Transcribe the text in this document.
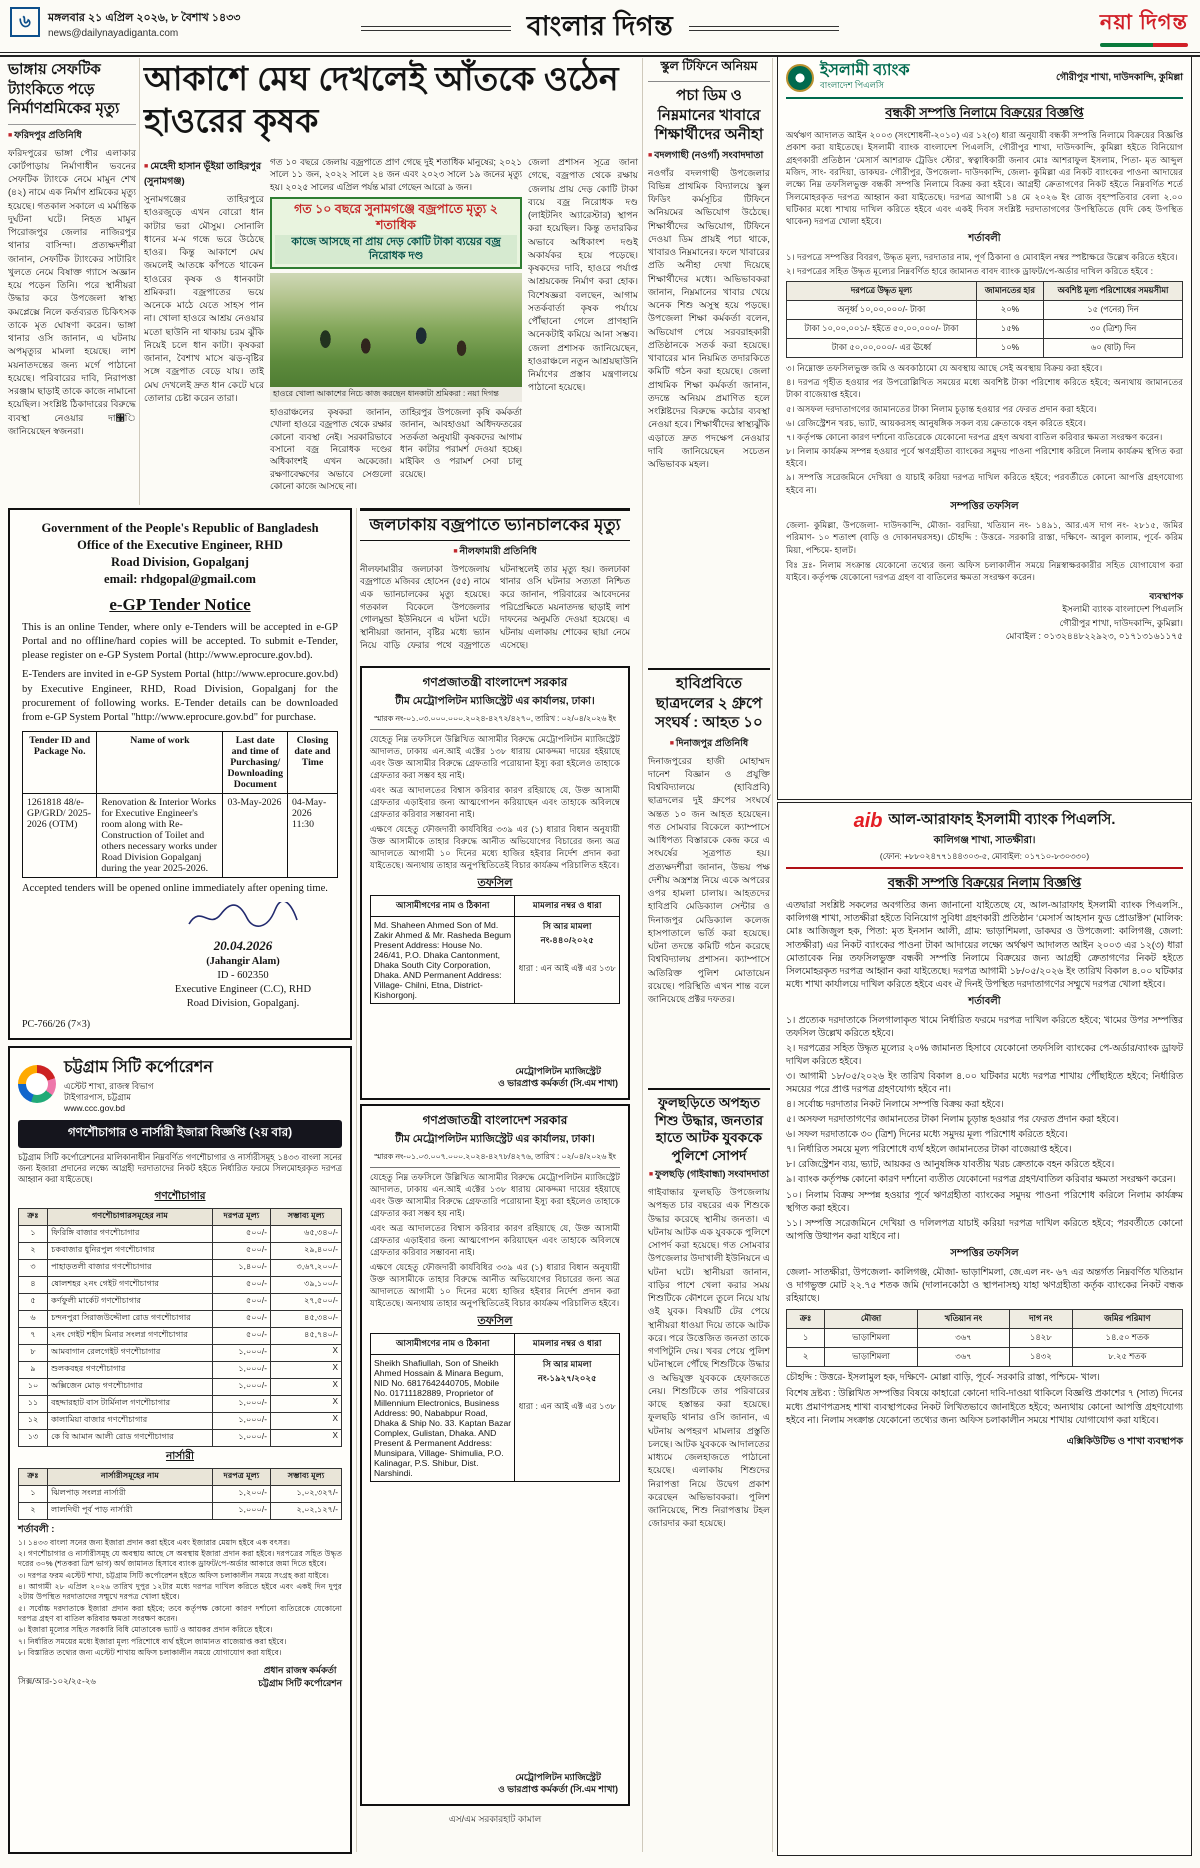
৬ মঙ্গলবার ২১ এপ্রিল ২০২৬, ৮ বৈশাখ ১৪৩৩
news@dailynayadiganta.com	বাংলার দিগন্ত	নয়া দিগন্ত
ভাঙ্গায় সেফটিক ট্যাংকিতে পড়ে নির্মাণশ্রমিকের মৃত্যু
■ ফরিদপুর প্রতিনিধি
ফরিদপুরের ভাঙ্গা পৌর এলাকার কোর্টপাড়ায় নির্মাণাধীন ভবনের সেফটিক ট্যাংকে নেমে মামুন শেখ (৪২) নামে এক নির্মাণ শ্রমিকের মৃত্যু হয়েছে। গতকাল সকালে এ মর্মান্তিক দুর্ঘটনা ঘটে। নিহত মামুন পিরোজপুর জেলার নাজিরপুর থানার বাসিন্দা। প্রত্যক্ষদর্শীরা জানান, সেফটিক ট্যাংকের সাটারিং খুলতে নেমে বিষাক্ত গ্যাসে অজ্ঞান হয়ে পড়েন তিনি। পরে স্থানীয়রা উদ্ধার করে উপজেলা স্বাস্থ্য কমপ্লেক্সে নিলে কর্তব্যরত চিকিৎসক তাকে মৃত ঘোষণা করেন। ভাঙ্গা থানার ওসি জানান, এ ঘটনায় অপমৃত্যুর মামলা হয়েছে। লাশ ময়নাতদন্তের জন্য মর্গে পাঠানো হয়েছে। পরিবারের দাবি, নিরাপত্তা সরঞ্জাম ছাড়াই তাকে কাজে নামানো হয়েছিল। সংশ্লিষ্ট ঠিকাদারের বিরুদ্ধে ব্যবস্থা নেওয়ার দা঱ি জানিয়েছেন স্বজনরা।
আকাশে মেঘ দেখলেই আঁতকে ওঠেন হাওরের কৃষক
■ মেহেদী হাসান ভূঁইয়া তাহিরপুর (সুনামগঞ্জ)
সুনামগঞ্জের তাহিরপুরে হাওরজুড়ে এখন বোরো ধান কাটার ভরা মৌসুম। সোনালি ধানের ম-ম গন্ধে ভরে উঠেছে হাওর। কিন্তু আকাশে মেঘ জমলেই আতঙ্কে কাঁপতে থাকেন হাওরের কৃষক ও ধানকাটা শ্রমিকরা। বজ্রপাতের ভয়ে অনেকে মাঠে যেতে সাহস পান না। খোলা হাওরে আশ্রয় নেওয়ার মতো ছাউনি না থাকায় চরম ঝুঁকি নিয়েই চলে ধান কাটা। কৃষকরা জানান, বৈশাখ মাসে ঝড়-বৃষ্টির সঙ্গে বজ্রপাত বেড়ে যায়। তাই মেঘ দেখলেই দ্রুত ধান কেটে ঘরে তোলার চেষ্টা করেন তারা।
গত ১০ বছরে জেলায় বজ্রপাতে প্রাণ গেছে দুই শতাধিক মানুষের; ২০২১ সালে ১১ জন, ২০২২ সালে ২৪ জন এবং ২০২৩ সালে ১৯ জনের মৃত্যু হয়। ২০২৫ সালের এপ্রিল পর্যন্ত মারা গেছেন আরো ৯ জন।
গত ১০ বছরে সুনামগঞ্জে বজ্রপাতে মৃত্যু ২ শতাধিক
কাজে আসছে না প্রায় দেড় কোটি টাকা ব্যয়ের বজ্র নিরোধক দণ্ড
হাওরে খোলা আকাশের নিচে কাজ করছেন ধানকাটা শ্রমিকরা : নয়া দিগন্ত
হাওরাঞ্চলের কৃষকরা জানান, খোলা হাওরে বজ্রপাত থেকে রক্ষার কোনো ব্যবস্থা নেই। সরকারিভাবে বসানো বজ্র নিরোধক দণ্ডের অধিকাংশই এখন অকেজো। রক্ষণাবেক্ষণের অভাবে সেগুলো কোনো কাজে আসছে না।
তাহিরপুর উপজেলা কৃষি কর্মকর্তা জানান, আবহাওয়া অধিদফতরের সতর্কতা অনুযায়ী কৃষকদের আগাম ধান কাটার পরামর্শ দেওয়া হচ্ছে। মাইকিং ও পরামর্শ সেবা চালু রয়েছে।
জেলা প্রশাসন সূত্রে জানা গেছে, বজ্রপাত থেকে রক্ষায় জেলায় প্রায় দেড় কোটি টাকা ব্যয়ে বজ্র নিরোধক দণ্ড (লাইটনিং অ্যারেস্টার) স্থাপন করা হয়েছিল। কিন্তু তদারকির অভাবে অধিকাংশ দণ্ডই অকার্যকর হয়ে পড়েছে। কৃষকদের দাবি, হাওরে পর্যাপ্ত আশ্রয়কেন্দ্র নির্মাণ করা হোক। বিশেষজ্ঞরা বলছেন, আগাম সতর্কবার্তা কৃষক পর্যায়ে পৌঁছানো গেলে প্রাণহানি অনেকটাই কমিয়ে আনা সম্ভব। জেলা প্রশাসক জানিয়েছেন, হাওরাঞ্চলে নতুন আশ্রয়ছাউনি নির্মাণের প্রস্তাব মন্ত্রণালয়ে পাঠানো হয়েছে।
স্কুল টিফিনে অনিয়ম
পচা ডিম ও নিম্নমানের খাবারে শিক্ষার্থীদের অনীহা
■ বদলগাছী (নওগাঁ) সংবাদদাতা
নওগাঁর বদলগাছী উপজেলার বিভিন্ন প্রাথমিক বিদ্যালয়ে স্কুল ফিডিং কর্মসূচির টিফিনে অনিয়মের অভিযোগ উঠেছে। শিক্ষার্থীদের অভিযোগ, টিফিনে দেওয়া ডিম প্রায়ই পচা থাকে, খাবারও নিম্নমানের। ফলে খাবারের প্রতি অনীহা দেখা দিয়েছে শিক্ষার্থীদের মধ্যে। অভিভাবকরা জানান, নিম্নমানের খাবার খেয়ে অনেক শিশু অসুস্থ হয়ে পড়ছে। উপজেলা শিক্ষা কর্মকর্তা বলেন, অভিযোগ পেয়ে সরবরাহকারী প্রতিষ্ঠানকে সতর্ক করা হয়েছে। খাবারের মান নিয়মিত তদারকিতে কমিটি গঠন করা হয়েছে। জেলা প্রাথমিক শিক্ষা কর্মকর্তা জানান, তদন্তে অনিয়ম প্রমাণিত হলে সংশ্লিষ্টদের বিরুদ্ধে কঠোর ব্যবস্থা নেওয়া হবে। শিক্ষার্থীদের স্বাস্থ্যঝুঁকি এড়াতে দ্রুত পদক্ষেপ নেওয়ার দাবি জানিয়েছেন সচেতন অভিভাবক মহল।
ইসলামী ব্যাংক
বাংলাদেশ পিএলসি
গৌরীপুর শাখা, দাউদকান্দি, কুমিল্লা
বন্ধকী সম্পত্তি নিলামে বিক্রয়ের বিজ্ঞপ্তি
অর্থঋণ আদালত আইন ২০০৩ (সংশোধনী-২০১০) এর ১২(৩) ধারা অনুযায়ী বন্ধকী সম্পত্তি নিলামে বিক্রয়ের বিজ্ঞপ্তি প্রকাশ করা যাইতেছে। ইসলামী ব্যাংক বাংলাদেশ পিএলসি, গৌরীপুর শাখা, দাউদকান্দি, কুমিল্লা হইতে বিনিয়োগ গ্রহণকারী প্রতিষ্ঠান ‘মেসার্স আশরাফ ট্রেডিং স্টোর’, স্বত্বাধিকারী জনাব মোঃ আশরাফুল ইসলাম, পিতা- মৃত আব্দুল মজিদ, সাং- বরদিয়া, ডাকঘর- গৌরীপুর, উপজেলা- দাউদকান্দি, জেলা- কুমিল্লা এর নিকট ব্যাংকের পাওনা আদায়ের লক্ষ্যে নিম্ন তফসিলভুক্ত বন্ধকী সম্পত্তি নিলামে বিক্রয় করা হইবে। আগ্রহী ক্রেতাগণের নিকট হইতে নিম্নবর্ণিত শর্তে সিলমোহরকৃত দরপত্র আহ্বান করা যাইতেছে। দরপত্র আগামী ১৪ মে ২০২৬ ইং রোজ বৃহস্পতিবার বেলা ২.০০ ঘটিকার মধ্যে শাখায় দাখিল করিতে হইবে এবং একই দিবস সংশ্লিষ্ট দরদাতাগণের উপস্থিতিতে (যদি কেহ উপস্থিত থাকেন) দরপত্র খোলা হইবে।
শর্তাবলী

১। দরপত্রে সম্পত্তির বিবরণ, উদ্ধৃত মূল্য, দরদাতার নাম, পূর্ণ ঠিকানা ও মোবাইল নম্বর স্পষ্টাক্ষরে উল্লেখ করিতে হইবে।

২। দরপত্রের সহিত উদ্ধৃত মূল্যের নিম্নবর্ণিত হারে জামানত বাবদ ব্যাংক ড্রাফট/পে-অর্ডার দাখিল করিতে হইবে :

দরপত্রে উদ্ধৃত মূল্য	জামানতের হার	অবশিষ্ট মূল্য পরিশোধের সময়সীমা
অনূর্ধ্ব ১০,০০,০০০/- টাকা	২০%	১৫ (পনের) দিন
টাকা ১০,০০,০০১/- হইতে ৫০,০০,০০০/- টাকা	১৫%	৩০ (ত্রিশ) দিন
টাকা ৫০,০০,০০০/- এর ঊর্ধ্বে	১০%	৬০ (ষাট) দিন

৩। নিম্নোক্ত তফসিলভুক্ত জমি ও অবকাঠামো যে অবস্থায় আছে সেই অবস্থায় বিক্রয় করা হইবে।

৪। দরপত্র গৃহীত হওয়ার পর উপরোল্লিখিত সময়ের মধ্যে অবশিষ্ট টাকা পরিশোধ করিতে হইবে; অন্যথায় জামানতের টাকা বাজেয়াপ্ত হইবে।

৫। অসফল দরদাতাগণের জামানতের টাকা নিলাম চূড়ান্ত হওয়ার পর ফেরত প্রদান করা হইবে।

৬। রেজিস্ট্রেশন খরচ, ভ্যাট, আয়করসহ আনুষঙ্গিক সকল ব্যয় ক্রেতাকে বহন করিতে হইবে।

৭। কর্তৃপক্ষ কোনো কারণ দর্শানো ব্যতিরেকে যেকোনো দরপত্র গ্রহণ অথবা বাতিল করিবার ক্ষমতা সংরক্ষণ করেন।

৮। নিলাম কার্যক্রম সম্পন্ন হওয়ার পূর্বে ঋণগ্রহীতা ব্যাংকের সমুদয় পাওনা পরিশোধ করিলে নিলাম কার্যক্রম স্থগিত করা হইবে।

৯। সম্পত্তি সরেজমিনে দেখিয়া ও যাচাই করিয়া দরপত্র দাখিল করিতে হইবে; পরবর্তীতে কোনো আপত্তি গ্রহণযোগ্য হইবে না।

সম্পত্তির তফসিল
জেলা- কুমিল্লা, উপজেলা- দাউদকান্দি, মৌজা- বরদিয়া, খতিয়ান নং- ১৪৯১, আর.এস দাগ নং- ২৮১৫, জমির পরিমাণ- ১০ শতাংশ (বাড়ি ও দোকানঘরসহ)। চৌহদ্দি : উত্তরে- সরকারি রাস্তা, দক্ষিণে- আবুল কালাম, পূর্বে- করিম মিয়া, পশ্চিমে- হালট।
বিঃ দ্রঃ- নিলাম সংক্রান্ত যেকোনো তথ্যের জন্য অফিস চলাকালীন সময়ে নিম্নস্বাক্ষরকারীর সহিত যোগাযোগ করা যাইবে। কর্তৃপক্ষ যেকোনো দরপত্র গ্রহণ বা বাতিলের ক্ষমতা সংরক্ষণ করেন।
ব্যবস্থাপক
ইসলামী ব্যাংক বাংলাদেশ পিএলসি
গৌরীপুর শাখা, দাউদকান্দি, কুমিল্লা।
মোবাইল : ০১৩২৪৪৮২২৯২৩, ০১৭১৩১৬১১৭৫
Government of the People's Republic of Bangladesh
Office of the Executive Engineer, RHD
Road Division, Gopalganj
email: rhdgopal@gmail.com
e-GP Tender Notice

This is an online Tender, where only e-Tenders will be accepted in e-GP Portal and no offline/hard copies will be accepted. To submit e-Tender, please register on e-GP System Portal (http://www.eprocure.gov.bd).

E-Tenders are invited in e-GP System Portal (http://www.eprocure.gov.bd) by Executive Engineer, RHD, Road Division, Gopalganj for the procurement of following works. E-Tender details can be downloaded from e-GP System Portal "http://www.eprocure.gov.bd" for purchase.

Tender ID and Package No.	Name of work	Last date and time of Purchasing/ Downloading Document	Closing date and Time
1261818 48/e-GP/GRD/ 2025-2026 (OTM)	Renovation & Interior Works for Executive Engineer's room along with Re-Construction of Toilet and others necessary works under Road Division Gopalganj during the year 2025-2026.	03-May-2026	04-May-2026 11:30

Accepted tenders will be opened online immediately after opening time.

20.04.2026
(Jahangir Alam)
ID - 602350
Executive Engineer (C.C), RHD
Road Division, Gopalganj.
PC-766/26 (7×3)
জলঢাকায় বজ্রপাতে ভ্যানচালকের মৃত্যু
■ নীলফামারী প্রতিনিধি
নীলফামারীর জলঢাকা উপজেলায় বজ্রপাতে মজিবর হোসেন (৫৫) নামে এক ভ্যানচালকের মৃত্যু হয়েছে। গতকাল বিকেলে উপজেলার গোলমুন্ডা ইউনিয়নে এ ঘটনা ঘটে। স্থানীয়রা জানান, বৃষ্টির মধ্যে ভ্যান নিয়ে বাড়ি ফেরার পথে বজ্রপাতে ঘটনাস্থলেই তার মৃত্যু হয়। জলঢাকা থানার ওসি ঘটনার সত্যতা নিশ্চিত করে জানান, পরিবারের আবেদনের পরিপ্রেক্ষিতে ময়নাতদন্ত ছাড়াই লাশ দাফনের অনুমতি দেওয়া হয়েছে। এ ঘটনায় এলাকায় শোকের ছায়া নেমে এসেছে।
গণপ্রজাতন্ত্রী বাংলাদেশ সরকার
টীম মেট্রোপলিটন ম্যাজিস্ট্রেট এর কার্যালয়, ঢাকা।
স্মারক নং-০১.০৩.০০০.০০০.২০২৪-৪২৭২/৪২৭০, তারিখ : ০২/০৪/২০২৬ ইং

যেহেতু নিম্ন তফসিলে উল্লিখিত আসামীর বিরুদ্ধে মেট্রোপলিটন ম্যাজিস্ট্রেট আদালত, ঢাকায় এন.আই এক্টের ১৩৮ ধারায় মোকদ্দমা দায়ের হইয়াছে এবং উক্ত আসামীর বিরুদ্ধে গ্রেফতারি পরোয়ানা ইস্যু করা হইলেও তাহাকে গ্রেফতার করা সম্ভব হয় নাই।

এবং অত্র আদালতের বিশ্বাস করিবার কারণ রহিয়াছে যে, উক্ত আসামী গ্রেফতার এড়াইবার জন্য আত্মগোপন করিয়াছেন এবং তাহাকে অবিলম্বে গ্রেফতার করিবার সম্ভাবনা নাই।

এক্ষণে যেহেতু ফৌজদারী কার্যবিধির ৩৩৯ এর (১) ধারার বিধান অনুযায়ী উক্ত আসামীকে তাহার বিরুদ্ধে আনীত অভিযোগের বিচারের জন্য অত্র আদালতে আগামী ১০ দিনের মধ্যে হাজির হইবার নির্দেশ প্রদান করা যাইতেছে। অন্যথায় তাহার অনুপস্থিতিতেই বিচার কার্যক্রম পরিচালিত হইবে।

তফসিল
আসামীগণের নাম ও ঠিকানা	মামলার নম্বর ও ধারা
Md. Shaheen Ahmed Son of Md. Zakir Ahmed & Mr. Rasheda Begum Present Address: House No. 246/41, P.O. Dhaka Cantonment, Dhaka South City Corporation, Dhaka. AND Permanent Address: Village- Chilni, Etna, District-Kishorgonj.	সি আর মামলা নং-৪৪০/২০২৫
ধারা : এন আই এক্ট এর ১৩৮
মেট্রোপলিটন ম্যাজিস্ট্রেট
ও ভারপ্রাপ্ত কর্মকর্তা (সি.এম শাখা)
হাবিপ্রবিতে ছাত্রদলের ২ গ্রুপে সংঘর্ষ : আহত ১০
■ দিনাজপুর প্রতিনিধি
দিনাজপুরের হাজী মোহাম্মদ দানেশ বিজ্ঞান ও প্রযুক্তি বিশ্ববিদ্যালয়ে (হাবিপ্রবি) ছাত্রদলের দুই গ্রুপের সংঘর্ষে অন্তত ১০ জন আহত হয়েছেন। গত সোমবার বিকেলে ক্যাম্পাসে আধিপত্য বিস্তারকে কেন্দ্র করে এ সংঘর্ষের সূত্রপাত হয়। প্রত্যক্ষদর্শীরা জানান, উভয় পক্ষ দেশীয় অস্ত্রশস্ত্র নিয়ে একে অপরের ওপর হামলা চালায়। আহতদের হাবিপ্রবি মেডিক্যাল সেন্টার ও দিনাজপুর মেডিক্যাল কলেজ হাসপাতালে ভর্তি করা হয়েছে। ঘটনা তদন্তে কমিটি গঠন করেছে বিশ্ববিদ্যালয় প্রশাসন। ক্যাম্পাসে অতিরিক্ত পুলিশ মোতায়েন রয়েছে। পরিস্থিতি এখন শান্ত বলে জানিয়েছে প্রক্টর দফতর।
গণপ্রজাতন্ত্রী বাংলাদেশ সরকার
টীম মেট্রোপলিটন ম্যাজিস্ট্রেট এর কার্যালয়, ঢাকা।
স্মারক নং-০১.০৩.০০৭.০০০.২০২৪-৪২৭৮/৪২৭৬, তারিখ : ০২/০৪/২০২৬ ইং

যেহেতু নিম্ন তফসিলে উল্লিখিত আসামীর বিরুদ্ধে মেট্রোপলিটন ম্যাজিস্ট্রেট আদালত, ঢাকায় এন.আই এক্টের ১৩৮ ধারায় মোকদ্দমা দায়ের হইয়াছে এবং উক্ত আসামীর বিরুদ্ধে গ্রেফতারি পরোয়ানা ইস্যু করা হইলেও তাহাকে গ্রেফতার করা সম্ভব হয় নাই।

এবং অত্র আদালতের বিশ্বাস করিবার কারণ রহিয়াছে যে, উক্ত আসামী গ্রেফতার এড়াইবার জন্য আত্মগোপন করিয়াছেন এবং তাহাকে অবিলম্বে গ্রেফতার করিবার সম্ভাবনা নাই।

এক্ষণে যেহেতু ফৌজদারী কার্যবিধির ৩৩৯ এর (১) ধারার বিধান অনুযায়ী উক্ত আসামীকে তাহার বিরুদ্ধে আনীত অভিযোগের বিচারের জন্য অত্র আদালতে আগামী ১০ দিনের মধ্যে হাজির হইবার নির্দেশ প্রদান করা যাইতেছে। অন্যথায় তাহার অনুপস্থিতিতেই বিচার কার্যক্রম পরিচালিত হইবে।

তফসিল
আসামীগণের নাম ও ঠিকানা	মামলার নম্বর ও ধারা
Sheikh Shafiullah, Son of Sheikh Ahmed Hossain & Minara Begum, NID No. 6817642440705, Mobile No. 01711182889, Proprietor of Millennium Electronics, Business Address: 90, Nababpur Road, Dhaka & Ship No. 33. Kaptan Bazar Complex, Gulistan, Dhaka. AND Present & Permanent Address: Munsipara, Village- Shimulia, P.O. Kalinagar, P.S. Shibur, Dist. Narshindi.	সি আর মামলা নং-১৯২৭/২০২৫
ধারা : এন আই এক্ট এর ১৩৮
মেট্রোপলিটন ম্যাজিস্ট্রেট
ও ভারপ্রাপ্ত কর্মকর্তা (সি.এম শাখা)
এস/এম সরকারহাট কামাল
ফুলছড়িতে অপহৃত শিশু উদ্ধার, জনতার হাতে আটক যুবককে পুলিশে সোপর্দ
■ ফুলছড়ি (গাইবান্ধা) সংবাদদাতা
গাইবান্ধার ফুলছড়ি উপজেলায় অপহৃত চার বছরের এক শিশুকে উদ্ধার করেছে স্থানীয় জনতা। এ ঘটনায় আটক এক যুবককে পুলিশে সোপর্দ করা হয়েছে। গত সোমবার উপজেলার উদাখালী ইউনিয়নে এ ঘটনা ঘটে। স্থানীয়রা জানান, বাড়ির পাশে খেলা করার সময় শিশুটিকে কৌশলে তুলে নিয়ে যায় ওই যুবক। বিষয়টি টের পেয়ে স্থানীয়রা ধাওয়া দিয়ে তাকে আটক করে। পরে উত্তেজিত জনতা তাকে গণপিটুনি দেয়। খবর পেয়ে পুলিশ ঘটনাস্থলে পৌঁছে শিশুটিকে উদ্ধার ও অভিযুক্ত যুবককে হেফাজতে নেয়। শিশুটিকে তার পরিবারের কাছে হস্তান্তর করা হয়েছে। ফুলছড়ি থানার ওসি জানান, এ ঘটনায় অপহরণ মামলার প্রস্তুতি চলছে। আটক যুবককে আদালতের মাধ্যমে জেলহাজতে পাঠানো হয়েছে। এলাকায় শিশুদের নিরাপত্তা নিয়ে উদ্বেগ প্রকাশ করেছেন অভিভাবকরা। পুলিশ জানিয়েছে, শিশু নিরাপত্তায় টহল জোরদার করা হয়েছে।
aib আল-আরাফাহ ইসলামী ব্যাংক পিএলসি.
কালিগঞ্জ শাখা, সাতক্ষীরা।
(ফোন: +৮৮০২৪৭৭১৪৪৩০৩-৫, মোবাইল: ০১৭১০-৮৩০৩৩০)
বন্ধকী সম্পত্তি বিক্রয়ের নিলাম বিজ্ঞপ্তি
এতদ্বারা সংশ্লিষ্ট সকলের অবগতির জন্য জানানো যাইতেছে যে, আল-আরাফাহ ইসলামী ব্যাংক পিএলসি., কালিগঞ্জ শাখা, সাতক্ষীরা হইতে বিনিয়োগ সুবিধা গ্রহণকারী প্রতিষ্ঠান ‘মেসার্স আহসান ফুড প্রোডাক্টস’ (মালিক: মোঃ আজিজুল হক, পিতা: মৃত ইনসান আলী, গ্রাম: ভাড়াশিমলা, ডাকঘর ও উপজেলা: কালিগঞ্জ, জেলা: সাতক্ষীরা) এর নিকট ব্যাংকের পাওনা টাকা আদায়ের লক্ষ্যে অর্থঋণ আদালত আইন ২০০৩ এর ১২(৩) ধারা মোতাবেক নিম্ন তফসিলভুক্ত বন্ধকী সম্পত্তি নিলামে বিক্রয়ের জন্য আগ্রহী ক্রেতাগণের নিকট হইতে সিলমোহরকৃত দরপত্র আহ্বান করা যাইতেছে। দরপত্র আগামী ১৮/০৫/২০২৬ ইং তারিখ বিকাল ৪.০০ ঘটিকার মধ্যে শাখা কার্যালয়ে দাখিল করিতে হইবে এবং ঐ দিনই উপস্থিত দরদাতাগণের সম্মুখে দরপত্র খোলা হইবে।
শর্তাবলী

১। প্রত্যেক দরদাতাকে সিলগালাকৃত খামে নির্ধারিত ফরমে দরপত্র দাখিল করিতে হইবে; খামের উপর সম্পত্তির তফসিল উল্লেখ করিতে হইবে।

২। দরপত্রের সহিত উদ্ধৃত মূল্যের ২০% জামানত হিসাবে যেকোনো তফসিলি ব্যাংকের পে-অর্ডার/ব্যাংক ড্রাফট দাখিল করিতে হইবে।

৩। আগামী ১৮/০৫/২০২৬ ইং তারিখ বিকাল ৪.০০ ঘটিকার মধ্যে দরপত্র শাখায় পৌঁছাইতে হইবে; নির্ধারিত সময়ের পরে প্রাপ্ত দরপত্র গ্রহণযোগ্য হইবে না।

৪। সর্বোচ্চ দরদাতার নিকট নিলামে সম্পত্তি বিক্রয় করা হইবে।

৫। অসফল দরদাতাগণের জামানতের টাকা নিলাম চূড়ান্ত হওয়ার পর ফেরত প্রদান করা হইবে।

৬। সফল দরদাতাকে ৩০ (ত্রিশ) দিনের মধ্যে সমুদয় মূল্য পরিশোধ করিতে হইবে।

৭। নির্ধারিত সময়ে মূল্য পরিশোধে ব্যর্থ হইলে জামানতের টাকা বাজেয়াপ্ত হইবে।

৮। রেজিস্ট্রেশন ব্যয়, ভ্যাট, আয়কর ও আনুষঙ্গিক যাবতীয় খরচ ক্রেতাকে বহন করিতে হইবে।

৯। ব্যাংক কর্তৃপক্ষ কোনো কারণ দর্শানো ব্যতীত যেকোনো দরপত্র গ্রহণ/বাতিল করিবার ক্ষমতা সংরক্ষণ করেন।

১০। নিলাম বিক্রয় সম্পন্ন হওয়ার পূর্বে ঋণগ্রহীতা ব্যাংকের সমুদয় পাওনা পরিশোধ করিলে নিলাম কার্যক্রম স্থগিত করা হইবে।

১১। সম্পত্তি সরেজমিনে দেখিয়া ও দলিলপত্র যাচাই করিয়া দরপত্র দাখিল করিতে হইবে; পরবর্তীতে কোনো আপত্তি উত্থাপন করা যাইবে না।

সম্পত্তির তফসিল
জেলা- সাতক্ষীরা, উপজেলা- কালিগঞ্জ, মৌজা- ভাড়াশিমলা, জে.এল নং- ৬৭ এর অন্তর্গত নিম্নবর্ণিত খতিয়ান ও দাগভুক্ত মোট ২২.৭৫ শতক জমি (দালানকোঠা ও স্থাপনাসহ) যাহা ঋণগ্রহীতা কর্তৃক ব্যাংকের নিকট বন্ধক রহিয়াছে।
ক্রঃ	মৌজা	খতিয়ান নং	দাগ নং	জমির পরিমাণ
১	ভাড়াশিমলা	৩৬৭	১৪২৮	১৪.৫০ শতক
২	ভাড়াশিমলা	৩৬৭	১৪৩২	৮.২৫ শতক
চৌহদ্দি : উত্তরে- ইসলামুল হক, দক্ষিণে- মোল্লা বাড়ি, পূর্বে- সরকারি রাস্তা, পশ্চিমে- খাল।
বিশেষ দ্রষ্টব্য : উল্লিখিত সম্পত্তির বিষয়ে কাহারো কোনো দাবি-দাওয়া থাকিলে বিজ্ঞপ্তি প্রকাশের ৭ (সাত) দিনের মধ্যে প্রমাণপত্রসহ শাখা ব্যবস্থাপকের নিকট লিখিতভাবে জানাইতে হইবে; অন্যথায় কোনো আপত্তি গ্রহণযোগ্য হইবে না। নিলাম সংক্রান্ত যেকোনো তথ্যের জন্য অফিস চলাকালীন সময়ে শাখায় যোগাযোগ করা যাইবে।
এক্সিকিউটিভ ও শাখা ব্যবস্থাপক
চট্টগ্রাম সিটি কর্পোরেশন
এস্টেট শাখা, রাজস্ব বিভাগ
টাইগারপাস, চট্টগ্রাম
www.ccc.gov.bd
গণশৌচাগার ও নার্সারী ইজারা বিজ্ঞপ্তি (২য় বার)
চট্টগ্রাম সিটি কর্পোরেশনের মালিকানাধীন নিম্নবর্ণিত গণশৌচাগার ও নার্সারীসমূহ ১৪৩৩ বাংলা সনের জন্য ইজারা প্রদানের লক্ষ্যে আগ্রহী দরদাতাদের নিকট হইতে নির্ধারিত ফরমে সিলমোহরকৃত দরপত্র আহ্বান করা যাইতেছে।
গণশৌচাগার
ক্রঃ	গণশৌচাগারসমূহের নাম	দরপত্র মূল্য	সম্ভাব্য মূল্য
১	ফিরিঙ্গি বাজার গণশৌচাগার	৫০০/-	৬৫,৩৪০/-
২	চকবাজার ধুনিরপুল গণশৌচাগার	৫০০/-	২৯,৪০০/-
৩	পাহাড়তলী বাজার গণশৌচাগার	১,৪০০/-	৩,৬৭,২০০/-
৪	ষোলশহর ২নং গেইট গণশৌচাগার	৫০০/-	৩৯,১০০/-
৫	কর্ণফুলী মার্কেট গণশৌচাগার	৫০০/-	২৭,৫০০/-
৬	চন্দনপুরা সিরাজউদ্দৌলা রোড গণশৌচাগার	৫০০/-	৪৫,৩৪০/-
৭	২নং গেইট শহীদ মিনার সংলগ্ন গণশৌচাগার	৫০০/-	৪৫,৭৪০/-
৮	আমবাগান রেলগেইট গণশৌচাগার	১,০০০/-	X
৯	শুলকবহর গণশৌচাগার	১,০০০/-	X
১০	অক্সিজেন মোড় গণশৌচাগার	১,০০০/-	X
১১	বহদ্দারহাট বাস টার্মিনাল গণশৌচাগার	১,০০০/-	X
১২	কালামিয়া বাজার গণশৌচাগার	১,০০০/-	X
১৩	কে বি আমান আলী রোড গণশৌচাগার	১,০০০/-	X
নার্সারী
ক্রঃ	নার্সারীসমূহের নাম	দরপত্র মূল্য	সম্ভাব্য মূল্য
১	ঝিলপাড় সংলগ্ন নার্সারী	১,২০০/-	১,০২,৩২৭/-
২	লালদিঘী পূর্ব পাড় নার্সারী	১,০০০/-	২,০২,১২৭/-
শর্তাবলী :

১। ১৪৩৩ বাংলা সনের জন্য ইজারা প্রদান করা হইবে এবং ইজারার মেয়াদ হইবে এক বৎসর।

২। গণশৌচাগার ও নার্সারীসমূহ যে অবস্থায় আছে সে অবস্থায় ইজারা প্রদান করা হইবে। দরপত্রের সহিত উদ্ধৃত দরের ৩০% (শতকরা ত্রিশ ভাগ) অর্থ জামানত হিসাবে ব্যাংক ড্রাফট/পে-অর্ডার আকারে জমা দিতে হইবে।

৩। দরপত্র ফরম এস্টেট শাখা, চট্টগ্রাম সিটি কর্পোরেশন হইতে অফিস চলাকালীন সময়ে সংগ্রহ করা যাইবে।

৪। আগামী ২৮ এপ্রিল ২০২৬ তারিখ দুপুর ১২টার মধ্যে দরপত্র দাখিল করিতে হইবে এবং একই দিন দুপুর ২টায় উপস্থিত দরদাতাদের সম্মুখে দরপত্র খোলা হইবে।

৫। সর্বোচ্চ দরদাতাকে ইজারা প্রদান করা হইবে; তবে কর্তৃপক্ষ কোনো কারণ দর্শানো ব্যতিরেকে যেকোনো দরপত্র গ্রহণ বা বাতিল করিবার ক্ষমতা সংরক্ষণ করেন।

৬। ইজারা মূল্যের সহিত সরকারি বিধি মোতাবেক ভ্যাট ও আয়কর প্রদান করিতে হইবে।

৭। নির্ধারিত সময়ের মধ্যে ইজারা মূল্য পরিশোধে ব্যর্থ হইলে জামানত বাজেয়াপ্ত করা হইবে।

৮। বিস্তারিত তথ্যের জন্য এস্টেট শাখায় অফিস চলাকালীন সময়ে যোগাযোগ করা যাইবে।

সিক্স/আর-১০২/২৫-২৬
প্রধান রাজস্ব কর্মকর্তা
চট্টগ্রাম সিটি কর্পোরেশন
